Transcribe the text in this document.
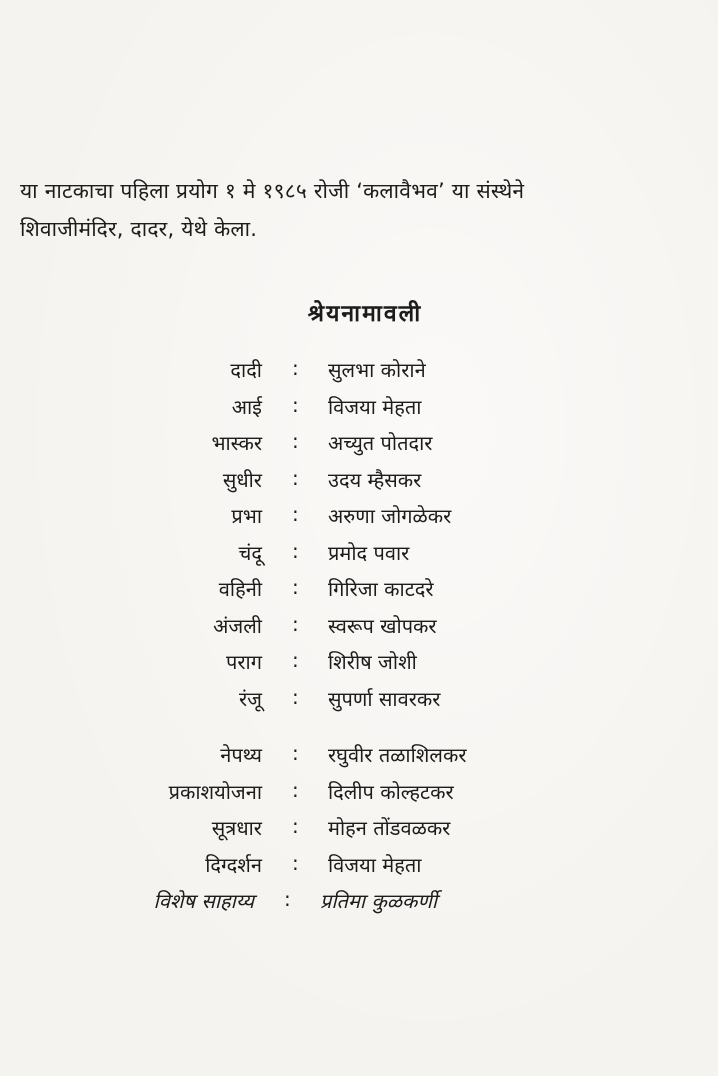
या नाटकाचा पहिला प्रयोग १ मे १९८५ रोजी ‘कलावैभव’ या संस्थेने

शिवाजीमंदिर, दादर, येथे केला.

श्रेयनामावली
दादी : सुलभा कोराने
आई : विजया मेहता
भास्कर : अच्युत पोतदार
सुधीर : उदय म्हैसकर
प्रभा : अरुणा जोगळेकर
चंदू : प्रमोद पवार
वहिनी : गिरिजा काटदरे
अंजली : स्वरूप खोपकर
पराग : शिरीष जोशी
रंजू : सुपर्णा सावरकर
नेपथ्य : रघुवीर तळाशिलकर
प्रकाशयोजना : दिलीप कोल्हटकर
सूत्रधार : मोहन तोंडवळकर
दिग्दर्शन : विजया मेहता
विशेष साहाय्य : प्रतिमा कुळकर्णी
